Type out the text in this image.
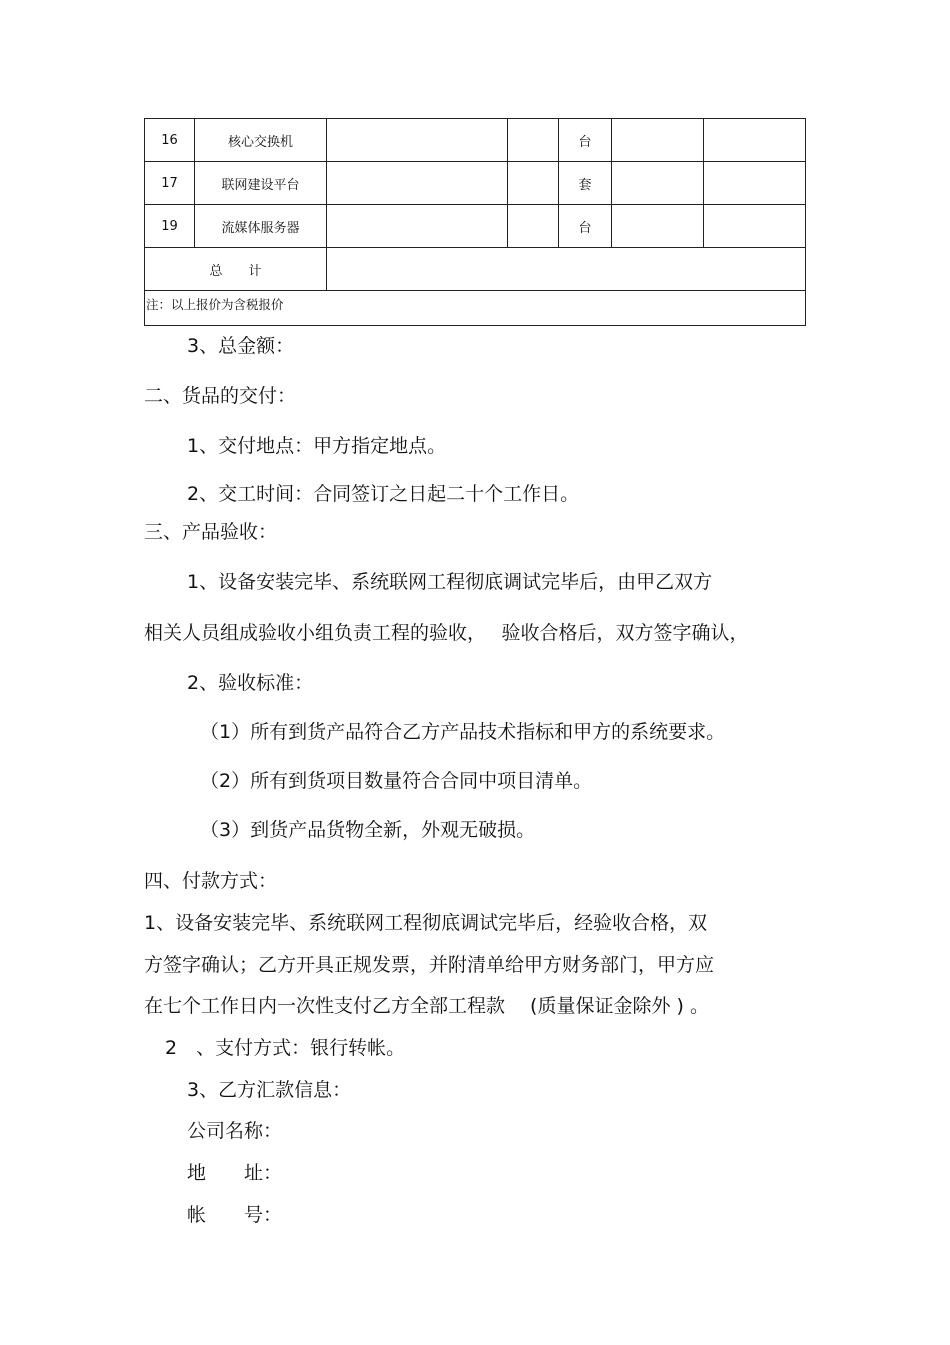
16	核心交换机			台		
17	联网建设平台			套		
19	流媒体服务器			台		
总　　计						
注：以上报价为含税报价						
3、总金额：
二、货品的交付：
1、交付地点：甲方指定地点。
2、交工时间：合同签订之日起二十个工作日。
三、产品验收：
1、设备安装完毕、系统联网工程彻底调试完毕后，由甲乙双方
相关人员组成验收小组负责工程的验收，　 验收合格后，双方签字确认，
2、验收标准：
（1）所有到货产品符合乙方产品技术指标和甲方的系统要求。
（2）所有到货项目数量符合合同中项目清单。
（3）到货产品货物全新，外观无破损。
四、付款方式：
1、设备安装完毕、系统联网工程彻底调试完毕后，经验收合格，双
方签字确认；乙方开具正规发票，并附清单给甲方财务部门，甲方应
在七个工作日内一次性支付乙方全部工程款　 (质量保证金除外 ) 。
2　、支付方式：银行转帐。
3、乙方汇款信息：
公司名称：
地　　址：
帐　　号：
